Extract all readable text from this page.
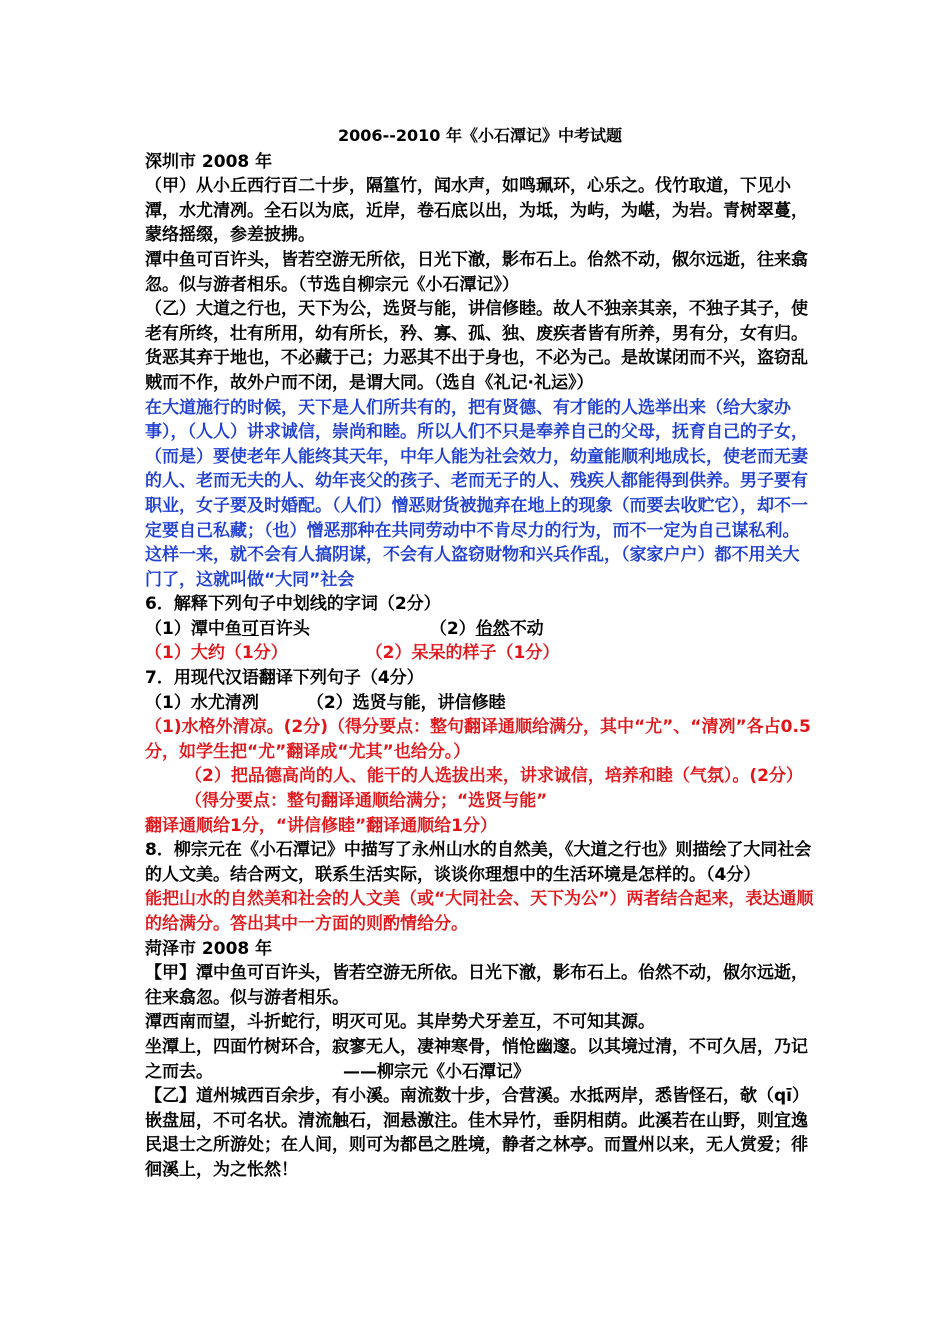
2006--2010 年《小石潭记》中考试题

深圳市 2008 年

（甲）从小丘西行百二十步，隔篁竹，闻水声，如鸣珮环，心乐之。伐竹取道，下见小潭，水尤清冽。全石以为底，近岸，卷石底以出，为坻，为屿，为嵁，为岩。青树翠蔓，蒙络摇缀，参差披拂。

潭中鱼可百许头，皆若空游无所依，日光下澈，影布石上。佁然不动，俶尔远逝，往来翕忽。似与游者相乐。（节选自柳宗元《小石潭记》）

（乙）大道之行也，天下为公，选贤与能，讲信修睦。故人不独亲其亲，不独子其子，使老有所终，壮有所用，幼有所长，矜、寡、孤、独、废疾者皆有所养，男有分，女有归。货恶其弃于地也，不必藏于己；力恶其不出于身也，不必为己。是故谋闭而不兴，盗窃乱贼而不作，故外户而不闭，是谓大同。（选自《礼记·礼运》）

在大道施行的时候，天下是人们所共有的，把有贤德、有才能的人选举出来（给大家办事），（人人）讲求诚信，崇尚和睦。所以人们不只是奉养自己的父母，抚育自己的子女，（而是）要使老年人能终其天年，中年人能为社会效力，幼童能顺利地成长，使老而无妻的人、老而无夫的人、幼年丧父的孩子、老而无子的人、残疾人都能得到供养。男子要有职业，女子要及时婚配。（人们）憎恶财货被抛弃在地上的现象（而要去收贮它），却不一定要自己私藏；（也）憎恶那种在共同劳动中不肯尽力的行为，而不一定为自己谋私利。这样一来，就不会有人搞阴谋，不会有人盗窃财物和兴兵作乱，（家家户户）都不用关大门了，这就叫做“大同”社会

6．解释下列句子中划线的字词（2分）

（1）潭中鱼可百许头	（2）佁然不动

（1）大约（1分）	（2）呆呆的样子（1分）

7．用现代汉语翻译下列句子（4分）

（1）水尤清冽	（2）选贤与能，讲信修睦

（1)水格外清凉。(2分)（得分要点：整句翻译通顺给满分，其中“尤”、“清冽”各占0.5分，如学生把“尤”翻译成“尤其”也给分。）

（2）把品德高尚的人、能干的人选拔出来，讲求诚信，培养和睦（气氛）。(2分）（得分要点：整句翻译通顺给满分；“选贤与能”

翻译通顺给1分，“讲信修睦”翻译通顺给1分）

8．柳宗元在《小石潭记》中描写了永州山水的自然美，《大道之行也》则描绘了大同社会的人文美。结合两文，联系生活实际，谈谈你理想中的生活环境是怎样的。（4分）

能把山水的自然美和社会的人文美（或“大同社会、天下为公”）两者结合起来，表达通顺的给满分。答出其中一方面的则酌情给分。

菏泽市 2008 年

【甲】潭中鱼可百许头，皆若空游无所依。日光下澈，影布石上。佁然不动，俶尔远逝，往来翕忽。似与游者相乐。

潭西南而望，斗折蛇行，明灭可见。其岸势犬牙差互，不可知其源。

坐潭上，四面竹树环合，寂寥无人，凄神寒骨，悄怆幽邃。以其境过清，不可久居，乃记之而去。	——柳宗元《小石潭记》

【乙】道州城西百余步，有小溪。南流数十步，合营溪。水抵两岸，悉皆怪石，欹（qī）嵌盘屈，不可名状。清流触石，洄悬激注。佳木异竹，垂阴相荫。此溪若在山野，则宜逸民退士之所游处；在人间，则可为都邑之胜境，静者之林亭。而置州以来，无人赏爱；徘徊溪上，为之怅然！
